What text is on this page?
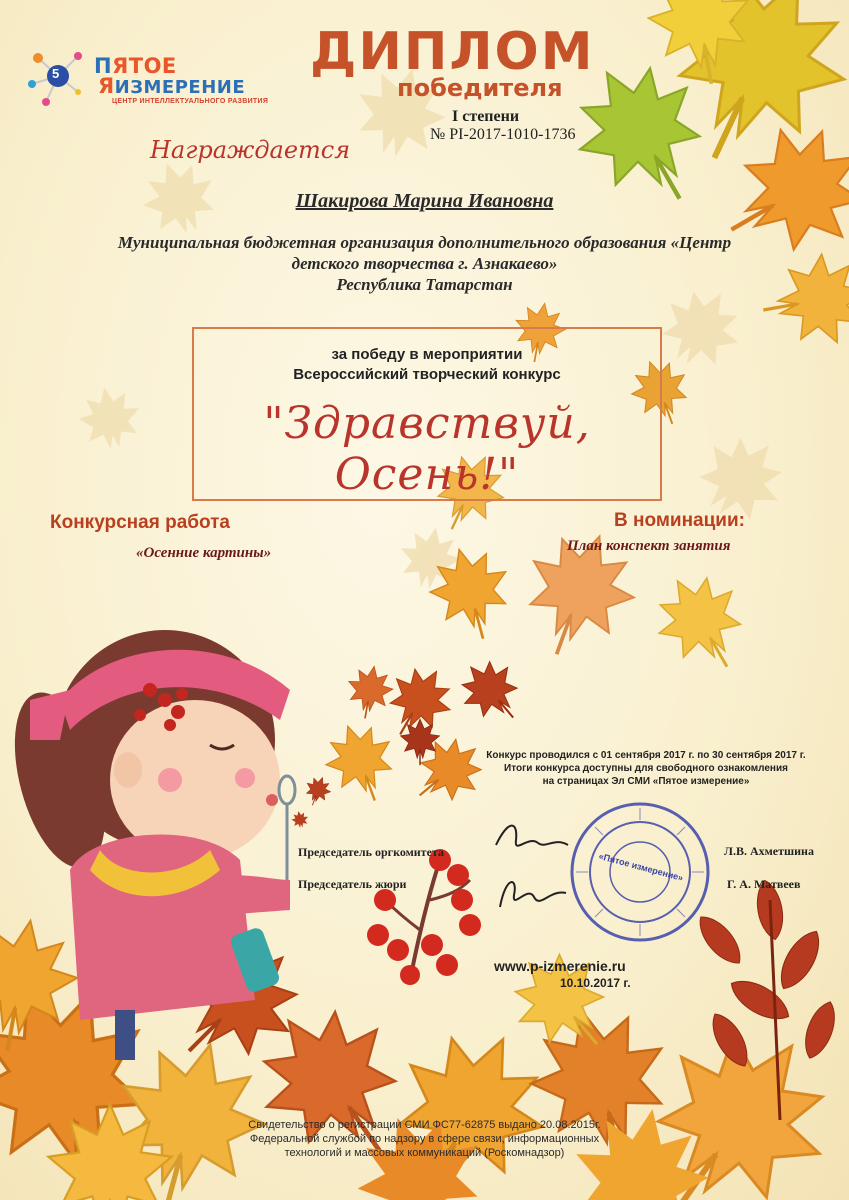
5 ПЯТОЕ
ЯИЗМЕРЕНИЕ
ЦЕНТР ИНТЕЛЛЕКТУАЛЬНОГО РАЗВИТИЯ
ДИПЛОМ
победителя
I степени
№ PI-2017-1010-1736
Награждается
Шакирова Марина Ивановна
Муниципальная бюджетная организация дополнительного образования «Центр
детского творчества г. Азнакаево»
Республика Татарстан
за победу в мероприятии
Всероссийский творческий конкурс
"Здравствуй, Осень!"
Конкурсная работа
«Осенние картины»
В номинации:
План конспект занятия
Конкурс проводился с 01 сентября 2017 г. по 30 сентября 2017 г.
Итоги конкурса доступны для свободного ознакомления
на страницах Эл СМИ «Пятое измерение»
Председатель оргкомитета
Председатель жюри
Л.В. Ахметшина
Г. А. Матвеев
«Пятое измерение»
www.p-izmerenie.ru
10.10.2017 г.
Свидетельство о регистрации СМИ ФС77-62875 выдано 20.08.2015г.
Федеральной службой по надзору в сфере связи, информационных
технологий и массовых коммуникаций (Роскомнадзор)
